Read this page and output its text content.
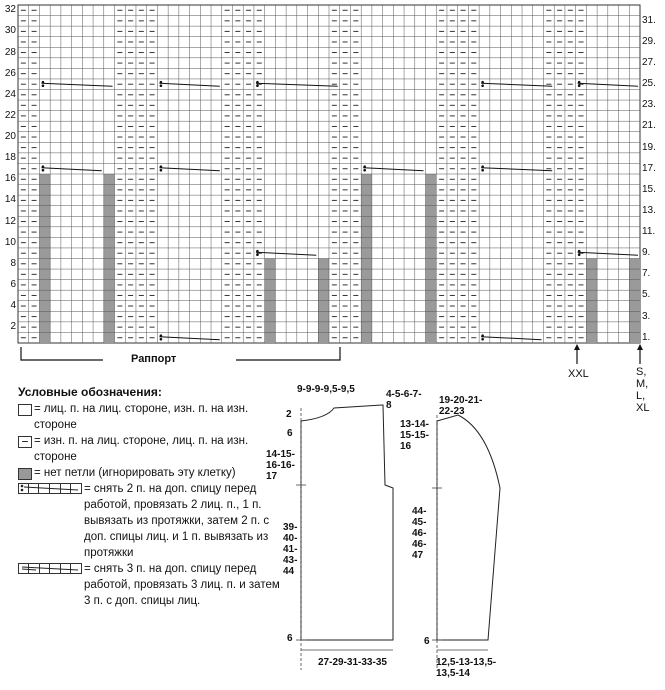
32
30
28
26
24
22
20
18
16
14
12
10
8
6
4
2
31.
29.
27.
25.
23.
21.
19.
17.
15.
13.
11.
9.
7.
5.
3.
1.
Раппорт
XXL	S,
M,
L,
XL
Условные обозначения:
= лиц. п. на лиц. стороне, изн. п. на изн. стороне
= изн. п. на лиц. стороне, лиц. п. на изн. стороне
= нет петли (игнорировать эту клетку)
= снять 2 п. на доп. спицу перед работой, провязать 2 лиц. п., 1 п. вывязать из протяжки, затем 2 п. с доп. спицы лиц. и 1 п. вывязать из протяжки
= снять 3 п. на доп. спицу перед работой, провязать 3 лиц. п. и затем 3 п. с доп. спицы лиц.
9-9-9-9,5-9,5	4-5-6-7-8
2
6
14-15-16-16-17
39-40-41-43-44
6
27-29-31-33-35
19-20-21-22-23
13-14-15-15-16
44-45-46-46-47
6
12,5-13-13,5-13,5-14
